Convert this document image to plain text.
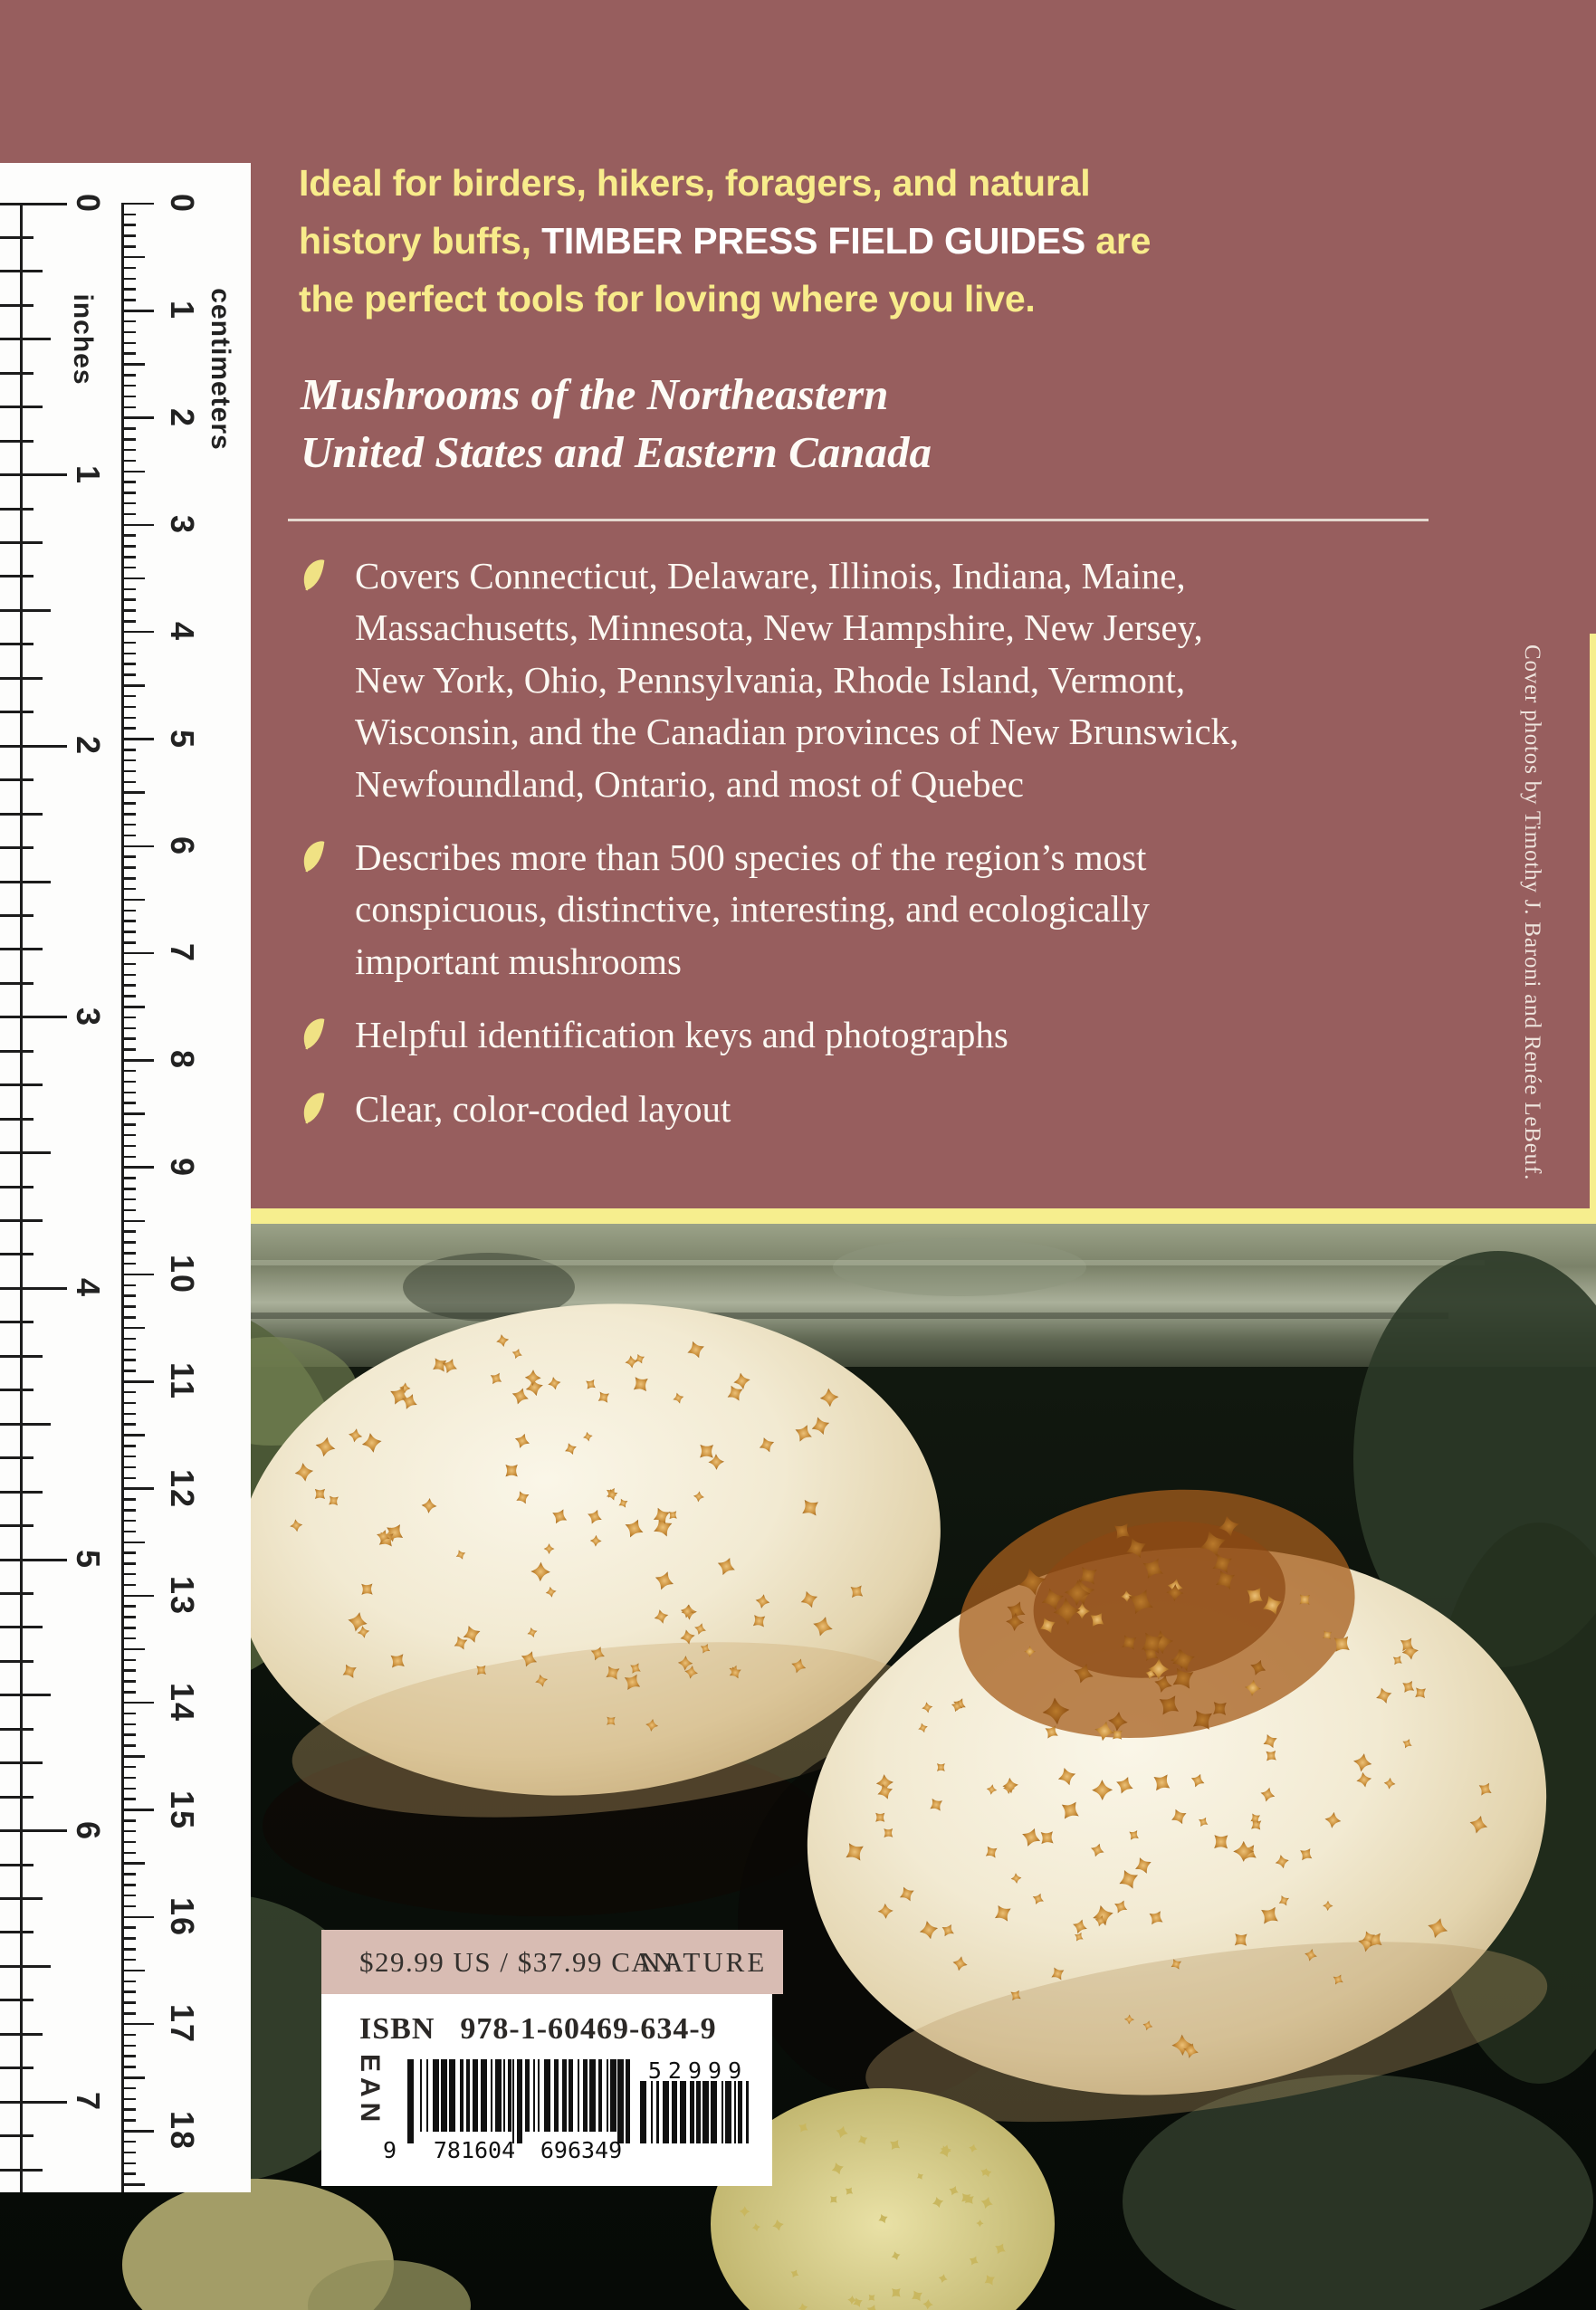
Ideal for birders, hikers, foragers, and natural
history buffs, TIMBER PRESS FIELD GUIDES are
the perfect tools for loving where you live.
Mushrooms of the Northeastern
United States and Eastern Canada
Covers Connecticut, Delaware, Illinois, Indiana, Maine,
Massachusetts, Minnesota, New Hampshire, New Jersey,
New York, Ohio, Pennsylvania, Rhode Island, Vermont,
Wisconsin, and the Canadian provinces of New Brunswick,
Newfoundland, Ontario, and most of Quebec
Describes more than 500 species of the region’s most
conspicuous, distinctive, interesting, and ecologically
important mushrooms
Helpful identification keys and photographs
Clear, color-coded layout	Cover photos by Timothy J. Baroni and Renée LeBeuf.
inches	centimeters
0
1
2
3
4
5
6
7
0
1
2
3
4
5
6
7
8
9
10
11
12
13
14
15
16
17
18
$29.99 US / $37.99 CAN
NATURE
ISBN 978-1-60469-634-9
EAN
9	781604	696349
52999
